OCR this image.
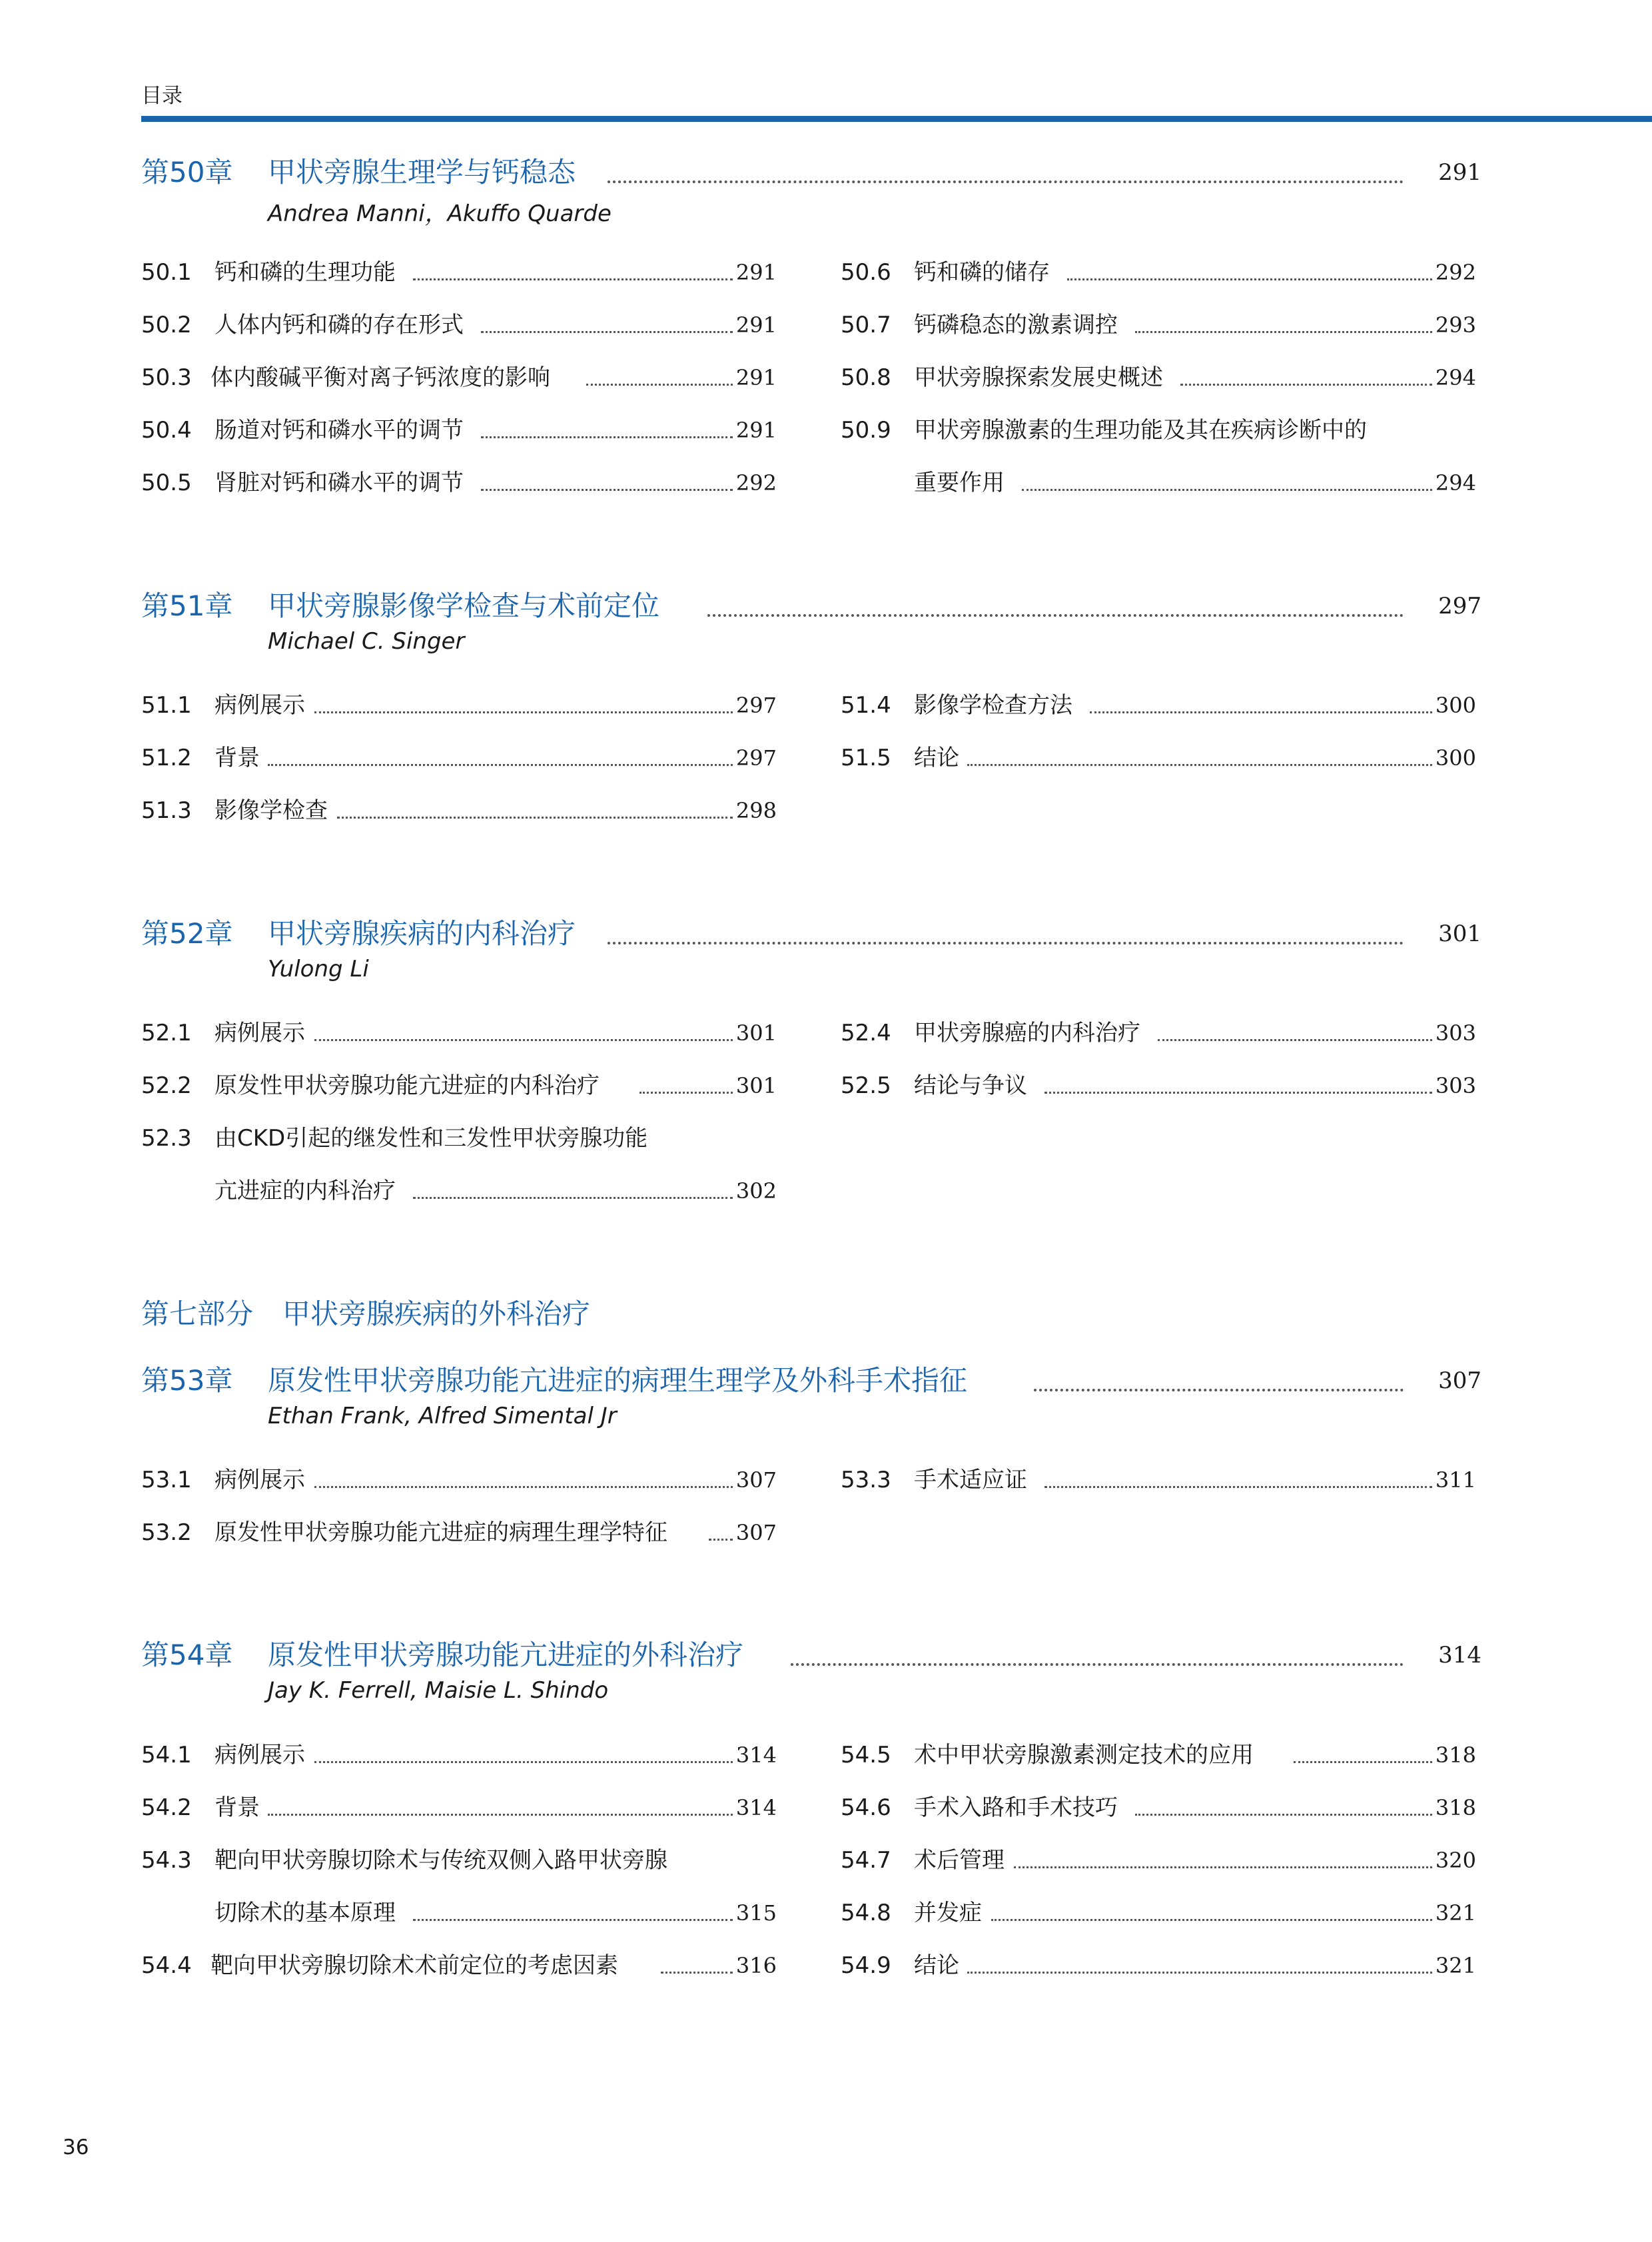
目录
第50章 甲状旁腺生理学与钙稳态	291
Andrea Manni，Akuffo Quarde
50.1 钙和磷的生理功能	291
50.2 人体内钙和磷的存在形式	291
50.3 体内酸碱平衡对离子钙浓度的影响	291
50.4 肠道对钙和磷水平的调节	291
50.5 肾脏对钙和磷水平的调节	292
50.6 钙和磷的储存	292
50.7 钙磷稳态的激素调控	293
50.8 甲状旁腺探索发展史概述	294
50.9 甲状旁腺激素的生理功能及其在疾病诊断中的
重要作用	294
第51章 甲状旁腺影像学检查与术前定位	297
Michael C. Singer
51.1 病例展示	297
51.2 背景	297
51.3 影像学检查	298
51.4 影像学检查方法	300
51.5 结论	300
第52章 甲状旁腺疾病的内科治疗	301
Yulong Li
52.1 病例展示	301
52.2 原发性甲状旁腺功能亢进症的内科治疗	301
52.3 由CKD引起的继发性和三发性甲状旁腺功能
亢进症的内科治疗	302
52.4 甲状旁腺癌的内科治疗	303
52.5 结论与争议	303
第七部分 甲状旁腺疾病的外科治疗
第53章 原发性甲状旁腺功能亢进症的病理生理学及外科手术指征	307
Ethan Frank, Alfred Simental Jr
53.1 病例展示	307
53.2 原发性甲状旁腺功能亢进症的病理生理学特征	307
53.3 手术适应证	311
第54章 原发性甲状旁腺功能亢进症的外科治疗	314
Jay K. Ferrell, Maisie L. Shindo
54.1 病例展示	314
54.2 背景	314
54.3 靶向甲状旁腺切除术与传统双侧入路甲状旁腺
切除术的基本原理	315
54.4 靶向甲状旁腺切除术术前定位的考虑因素	316
54.5 术中甲状旁腺激素测定技术的应用	318
54.6 手术入路和手术技巧	318
54.7 术后管理	320
54.8 并发症	321
54.9 结论	321
36
